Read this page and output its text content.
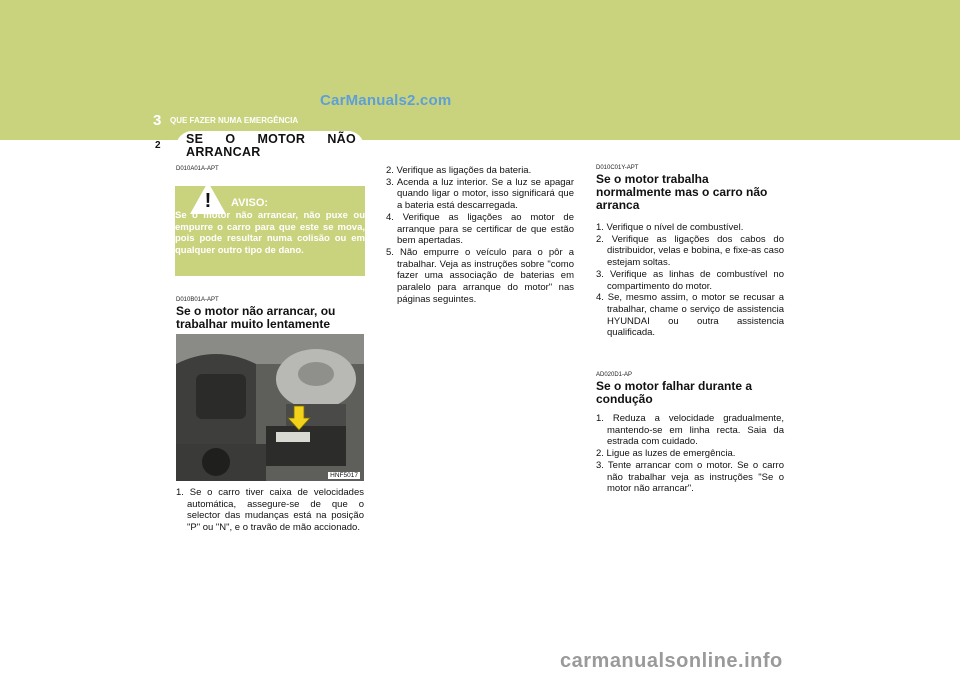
CarManuals2.com
3 QUE FAZER NUMA EMERGÊNCIA
SE O MOTOR NÃO ARRANCAR
2
D010A01A-APT
!	AVISO:
Se o motor não arrancar, não puxe ou empurre o carro para que este se mova, pois pode resultar numa colisão ou em qualquer outro tipo de dano.
D010B01A-APT
Se o motor não arrancar, ou trabalhar muito lentamente
HNF5017
1. Se o carro tiver caixa de velocidades automática, assegure-se de que o selector das mudanças está na posição "P" ou "N", e o travão de mão accionado.
2. Verifique as ligações da bateria.
3. Acenda a luz interior. Se a luz se apagar quando ligar o motor, isso significará que a bateria está descarregada.
4. Verifique as ligações ao motor de arranque para se certificar de que estão bem apertadas.
5. Não empurre o veículo para o pôr a trabalhar. Veja as instruções sobre "como fazer uma associação de baterias em paralelo para arranque do motor" nas páginas seguintes.
D010C01Y-APT
Se o motor trabalha normalmente mas o carro não arranca
1. Verifique o nível de combustível.
2. Verifique as ligações dos cabos do distribuidor, velas e bobina, e fixe-as caso estejam soltas.
3. Verifique as linhas de combustível no compartimento do motor.
4. Se, mesmo assim, o motor se recusar a trabalhar, chame o serviço de assistencia HYUNDAI ou outra assistencia qualificada.
AD020D1-AP
Se o motor falhar durante a condução
1. Reduza a velocidade gradualmente, mantendo-se em linha recta. Saia da estrada com cuidado.
2. Ligue as luzes de emergência.
3. Tente arrancar com o motor. Se o carro não trabalhar veja as instruções "Se o motor não arrancar".
carmanualsonline.info
